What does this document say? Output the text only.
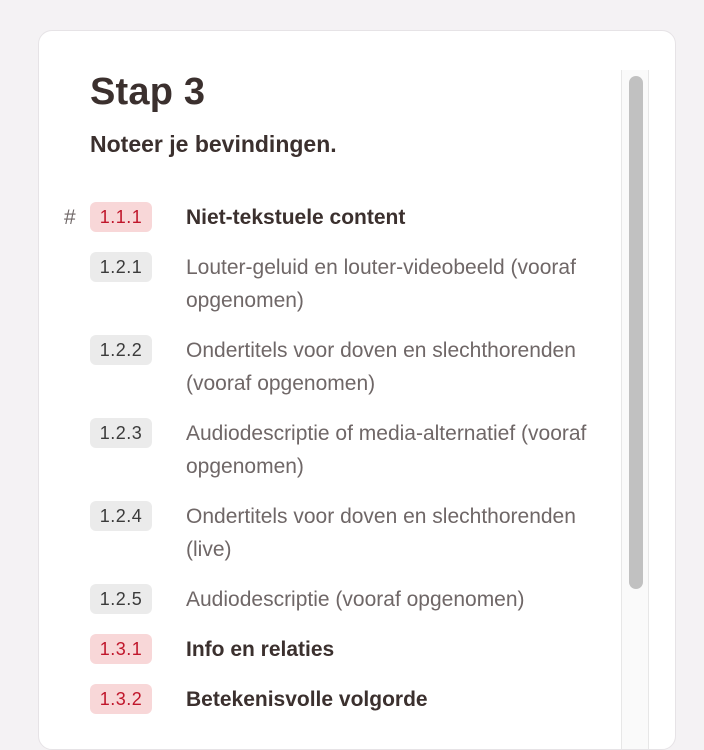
Stap 3
Noteer je bevindingen.
#	1.1.1	Niet-tekstuele content
1.2.1	Louter-geluid en louter-videobeeld (vooraf opgenomen)
1.2.2	Ondertitels voor doven en slechthorenden (vooraf opgenomen)
1.2.3	Audiodescriptie of media-alternatief (vooraf opgenomen)
1.2.4	Ondertitels voor doven en slechthorenden (live)
1.2.5	Audiodescriptie (vooraf opgenomen)
1.3.1	Info en relaties
1.3.2	Betekenisvolle volgorde
